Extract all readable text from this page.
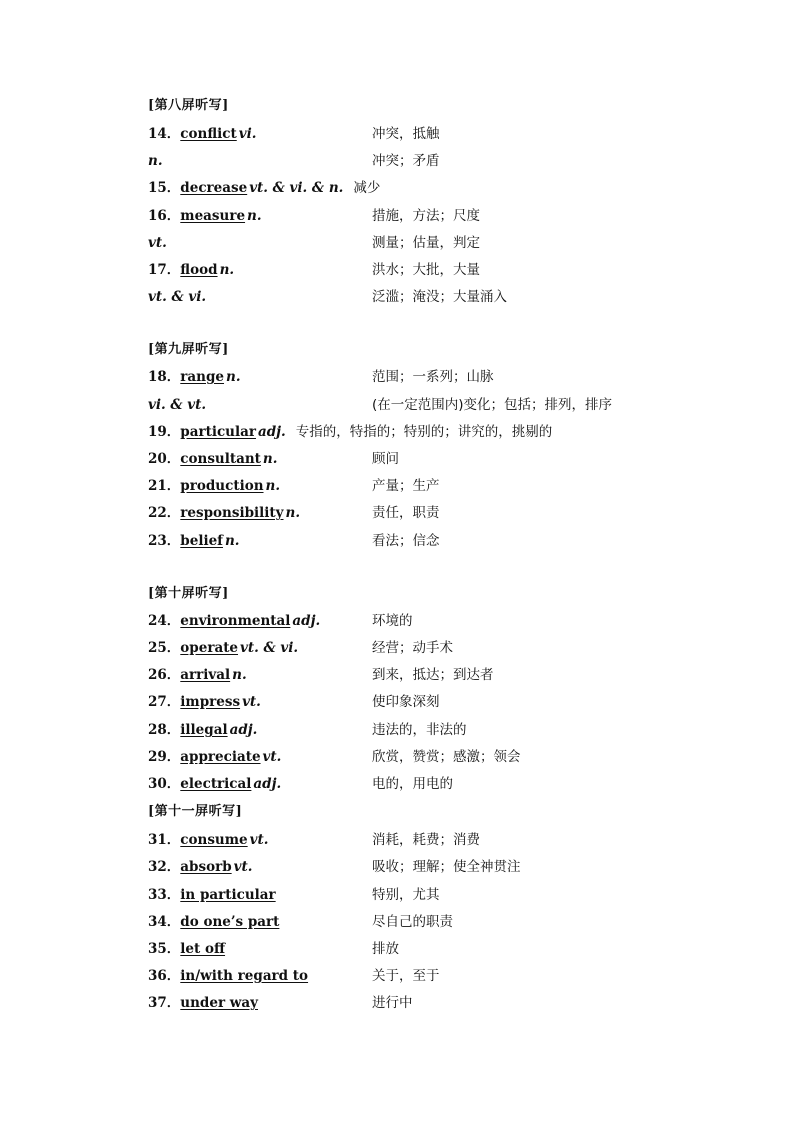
[第八屏听写]
14．conflict vi.	冲突，抵触
n.	冲突；矛盾
15．decrease vt. & vi. & n. 减少
16．measure n.	措施，方法；尺度
vt.	测量；估量，判定
17．flood n.	洪水；大批，大量
vt. & vi.	泛滥；淹没；大量涌入
[第九屏听写]
18．range n.	范围；一系列；山脉
vi. & vt.	(在一定范围内)变化；包括；排列，排序
19．particular adj. 专指的，特指的；特别的；讲究的，挑剔的
20．consultant n.	顾问
21．production n.	产量；生产
22．responsibility n.	责任，职责
23．belief n.	看法；信念
[第十屏听写]
24．environmental adj.	环境的
25．operate vt. & vi.	经营；动手术
26．arrival n.	到来，抵达；到达者
27．impress vt.	使印象深刻
28．illegal adj.	违法的，非法的
29．appreciate vt.	欣赏，赞赏；感激；领会
30．electrical adj.	电的，用电的
[第十一屏听写]
31．consume vt.	消耗，耗费；消费
32．absorb vt.	吸收；理解；使全神贯注
33．in particular	特别，尤其
34．do one’s part	尽自己的职责
35．let off	排放
36．in/with regard to	关于，至于
37．under way	进行中
